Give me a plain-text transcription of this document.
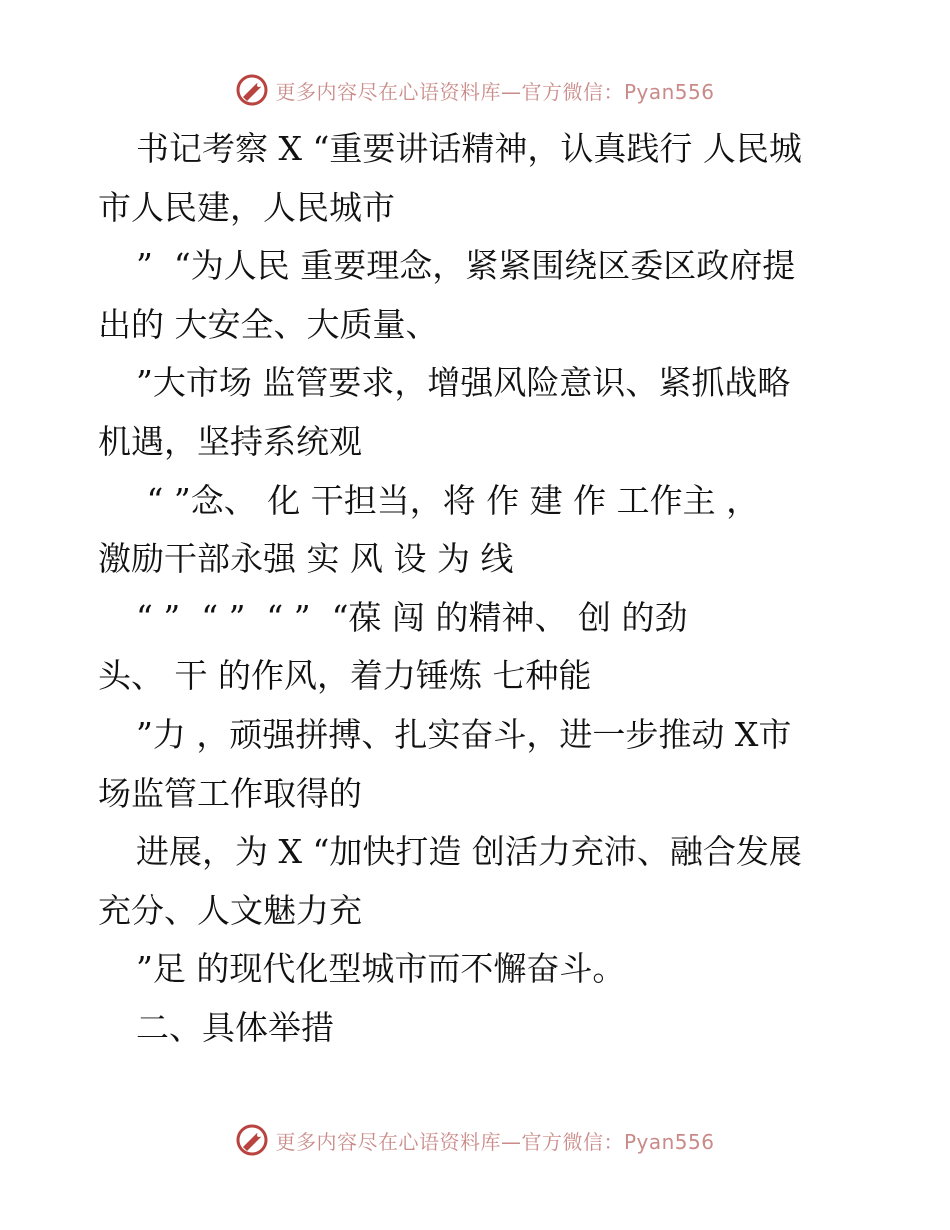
更多内容尽在心语资料库—官方微信：Pyan556
书记考察 X “重要讲话精神，认真践行 人民城
市人民建，人民城市
”  “为人民 重要理念，紧紧围绕区委区政府提
出的 大安全、大质量、
”大市场 监管要求，增强风险意识、紧抓战略
机遇，坚持系统观
“ ”念、 化 干担当，将 作 建 作 工作主 ，
激励干部永强 实 风 设 为 线
“ ”  “ ”  “ ”  “葆 闯 的精神、 创 的劲
头、 干 的作风，着力锤炼 七种能
”力 ，顽强拼搏、扎实奋斗，进一步推动 X市
场监管工作取得的
进展，为 X “加快打造 创活力充沛、融合发展
充分、人文魅力充
”足 的现代化型城市而不懈奋斗。
二、具体举措
更多内容尽在心语资料库—官方微信：Pyan556
